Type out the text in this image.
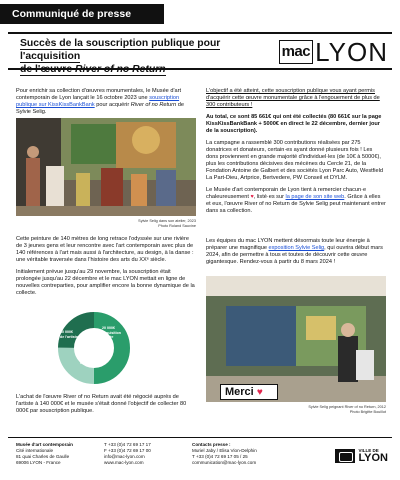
Communiqué de presse
Succès de la souscription publique pour l'acquisition
de l'œuvre River of no Return
mac LYON

Pour enrichir sa collection d'œuvres monumentales, le Musée d'art contemporain de Lyon lançait le 16 octobre 2023 une souscription publique sur KissKissBankBank pour acquérir River of no Return de Sylvie Selig.

Sylvie Selig dans son atelier, 2023
Photo Roland Sauvine

Cette peinture de 140 mètres de long retrace l'odyssée sur une rivière de 3 jeunes gens et leur rencontre avec l'art contemporain avec plus de 140 références à l'art mais aussi à l'architecture, au design, à la danse : une véritable traversée dans l'histoire des arts du XXᵉ siècle.

Initialement prévue jusqu'au 29 novembre, la souscription était prolongée jusqu'au 22 décembre et le mac LYON mettait en ligne de nouvelles contreparties, pour amplifier encore la bonne dynamique de la collecte.

40 000€
de l'artiste
80 000€
collecte
20 000€
acquisition musée

L'achat de l'œuvre River of no Return avait été négocié auprès de l'artiste à 140 000€ et le musée s'était donné l'objectif de collecter 80 000€ par souscription publique.

L'objectif a été atteint, cette souscription publique vous ayant permis d'acquérir cette œuvre monumentale grâce à l'engouement de plus de 300 contributeurs !

Au total, ce sont 85 661€ qui ont été collectés (80 661€ sur la page KissKissBankBank + 5000€ en direct le 22 décembre, dernier jour de la souscription).

La campagne a rassemblé 300 contributions réalisées par 275 donatrices et donateurs, certain·es ayant donné plusieurs fois ! Les dons proviennent en grande majorité d'individuel·les (de 10€ à 5000€), plus les contributions décisives des mécènes du Cercle 21, de la Fondation Antoine de Galbert et des sociétés Lyon Parc Auto, Westfield La Part-Dieu, Artprice, Bertvedere, PW Conseil et DYLM.

Le Musée d'art contemporain de Lyon tient à remercier chacun·e chaleureusement ♥, listé·es sur la page de son site web. Grâce à elles et eux, l'œuvre River of no Return de Sylvie Selig peut maintenant entrer dans sa collection.

Les équipes du mac LYON mettent désormais toute leur énergie à préparer une magnifique exposition Sylvie Selig, qui ouvrira début mars 2024, afin de permettre à tous et toutes de découvrir cette œuvre gigantesque. Rendez-vous à partir du 8 mars 2024 !

Merci ♥
Sylvie Selig peignant River of no Return, 2012
Photo Brigitte Bouillot
Musée d'art contemporain
Cité internationale
81 quai Charles de Gaulle
69006 LYON - France
T +33 (0)4 72 69 17 17
F +33 (0)4 72 69 17 00
info@mac-lyon.com
www.mac-lyon.com
Contacts presse :
Muriel Jaby / Elisa Vion-Delphin
T +33 (0)4 72 69 17 05 / 25
communication@mac-lyon.com
VILLE DE
LYON
